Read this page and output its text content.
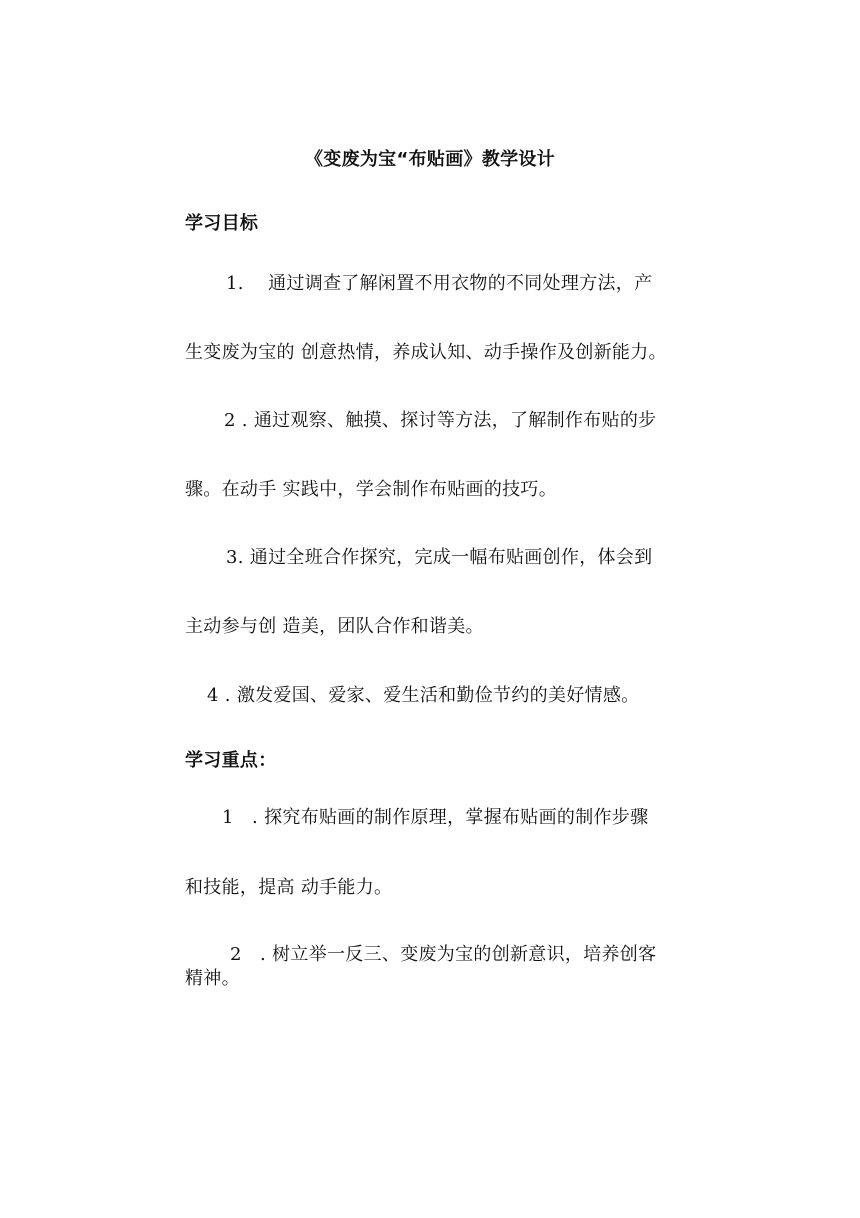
《变废为宝“布贴画》教学设计
学习目标
1.　 通过调查了解闲置不用衣物的不同处理方法，产
生变废为宝的 创意热情，养成认知、动手操作及创新能力。
2 . 通过观察、触摸、探讨等方法，了解制作布贴的步
骤。在动手 实践中，学会制作布贴画的技巧。
3. 通过全班合作探究，完成一幅布贴画创作，体会到
主动参与创 造美，团队合作和谐美。
4 . 激发爱国、爱家、爱生活和勤俭节约的美好情感。
学习重点：
1　. 探究布贴画的制作原理，掌握布贴画的制作步骤
和技能，提高 动手能力。
2　. 树立举一反三、变废为宝的创新意识，培养创客
精神。
